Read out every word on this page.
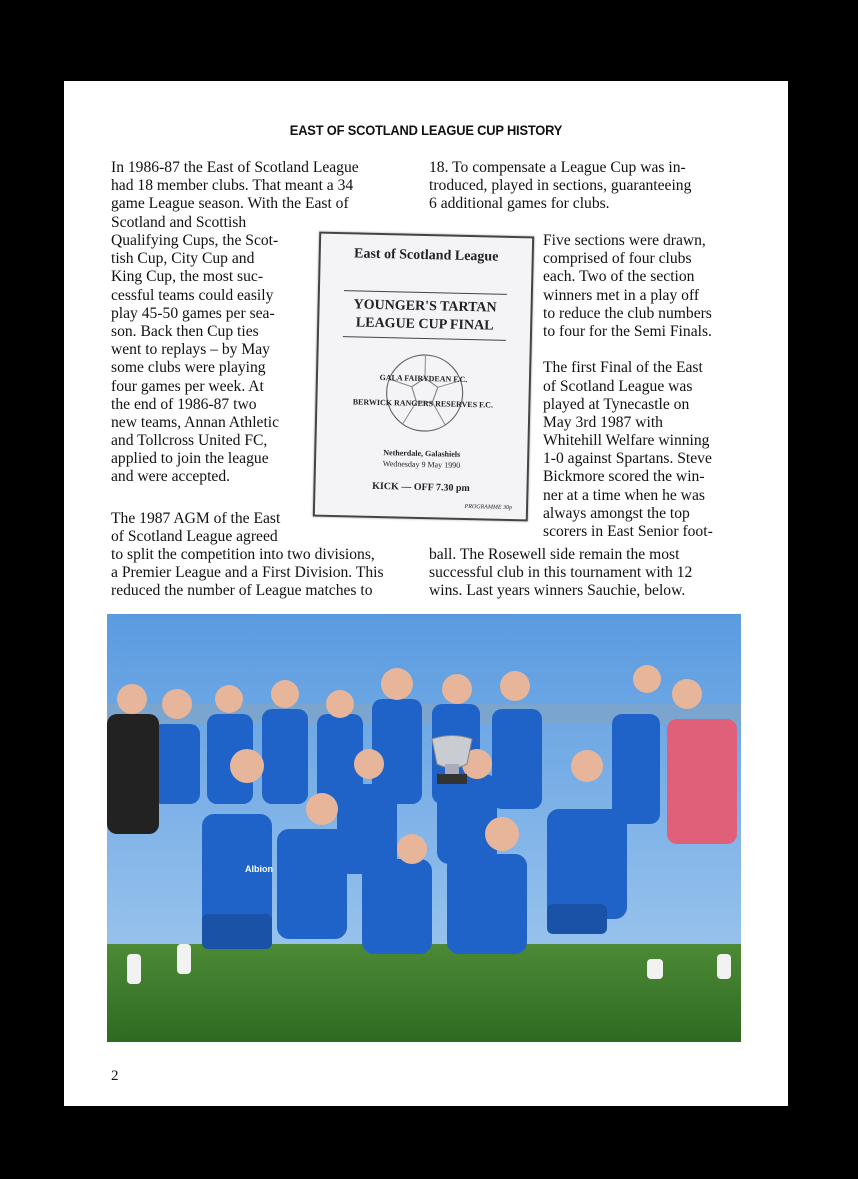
EAST OF SCOTLAND LEAGUE CUP HISTORY
In 1986-87 the East of Scotland League
had 18 member clubs. That meant a 34
game League season. With the East of
Scotland and Scottish
Qualifying Cups, the Scot-
tish Cup, City Cup and
King Cup, the most suc-
cessful teams could easily
play 45-50 games per sea-
son. Back then Cup ties
went to replays – by May
some clubs were playing
four games per week. At
the end of 1986-87 two
new teams, Annan Athletic
and Tollcross United FC,
applied to join the league
and were accepted.
The 1987 AGM of the East
of Scotland League agreed
to split the competition into two divisions,
a Premier League and a First Division. This
reduced the number of League matches to
18. To compensate a League Cup was in-
troduced, played in sections, guaranteeing
6 additional games for clubs.
Five sections were drawn,
comprised of four clubs
each. Two of the section
winners met in a play off
to reduce the club numbers
to four for the Semi Finals.
The first Final of the East
of Scotland League was
played at Tynecastle on
May 3rd 1987 with
Whitehill Welfare winning
1-0 against Spartans. Steve
Bickmore scored the win-
ner at a time when he was
always amongst the top
scorers in East Senior foot-
ball. The Rosewell side remain the most
successful club in this tournament with 12
wins. Last years winners Sauchie, below.
East of Scotland League
YOUNGER'S TARTAN
LEAGUE CUP FINAL
GALA FAIRYDEAN F.C.
BERWICK RANGERS RESERVES F.C.
Netherdale, Galashiels
Wednesday 9 May 1990
KICK — OFF 7.30 pm
PROGRAMME 30p
Albion
2
